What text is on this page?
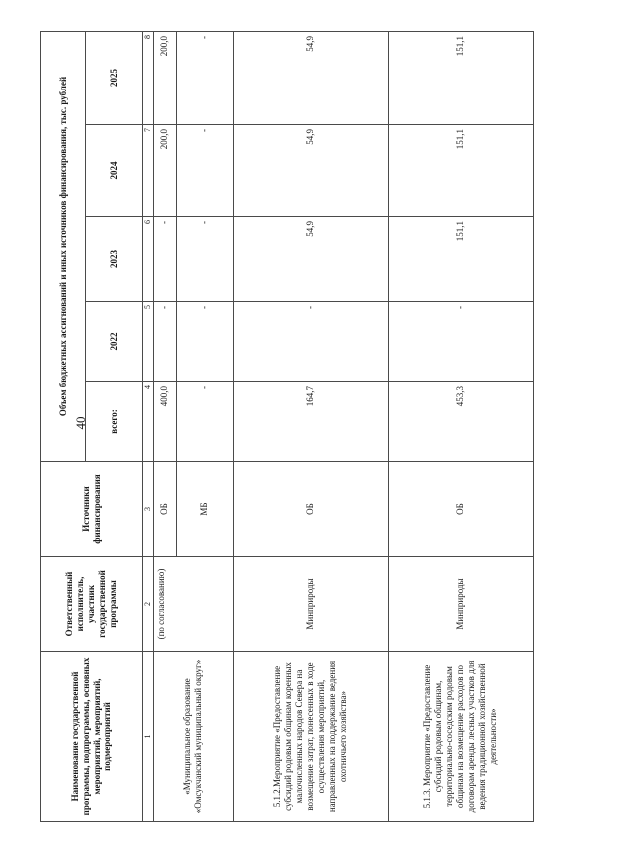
40
Наименование государственной программы, подпрограммы, основных мероприятий, мероприятий, подмероприятий	Ответственный исполнитель, участник государственной программы	Источники финансирования	Объем бюджетных ассигнований и иных источников финансирования, тыс. рублей				
			всего:	2022	2023	2024	2025
1	2	3	4	5	6	7	8
«Муниципальное образование «Омсукчанский муниципальный округ»	(по согласованию)	ОБ	400,0	-	-	200,0	200,0
		МБ	-	-	-	-	-
5.1.2.Мероприятие «Предоставление субсидий родовым общинам коренных малочисленных народов Севера на возмещение затрат, понесенных в ходе осуществления мероприятий, направленных на поддержание ведения охотничьего хозяйства»	Минприроды	ОБ	164,7	-	54,9	54,9	54,9
5.1.3. Мероприятие «Предоставление субсидий родовым общинам, территориально-соседским родовым общинам на возмещение расходов по договорам аренды лесных участков для ведения традиционной хозяйственной деятельности»	Минприроды	ОБ	453,3	-	151,1	151,1	151,1
